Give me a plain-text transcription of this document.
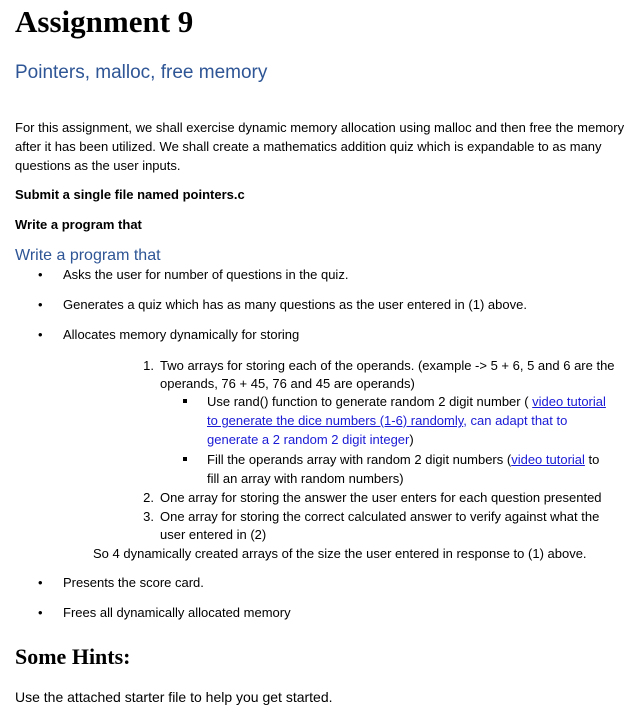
Assignment 9
Pointers, malloc, free memory

For this assignment, we shall exercise dynamic memory allocation using malloc and then free the memory after it has been utilized. We shall create a mathematics addition quiz which is expandable to as many questions as the user inputs.

Submit a single file named pointers.c
Write a program that
Write a program that
• Asks the user for number of questions in the quiz.
• Generates a quiz which has as many questions as the user entered in (1) above.
• Allocates memory dynamically for storing
1. Two arrays for storing each of the operands. (example -> 5 + 6, 5 and 6 are the
operands, 76 + 45, 76 and 45 are operands)
Use rand() function to generate random 2 digit number ( video tutorial
to generate the dice numbers (1-6) randomly, can adapt that to
generate a 2 random 2 digit integer)
Fill the operands array with random 2 digit numbers (video tutorial to
fill an array with random numbers)
2. One array for storing the answer the user enters for each question presented
3. One array for storing the correct calculated answer to verify against what the
user entered in (2)
So 4 dynamically created arrays of the size the user entered in response to (1) above.
• Presents the score card.
• Frees all dynamically allocated memory
Some Hints:
Use the attached starter file to help you get started.
